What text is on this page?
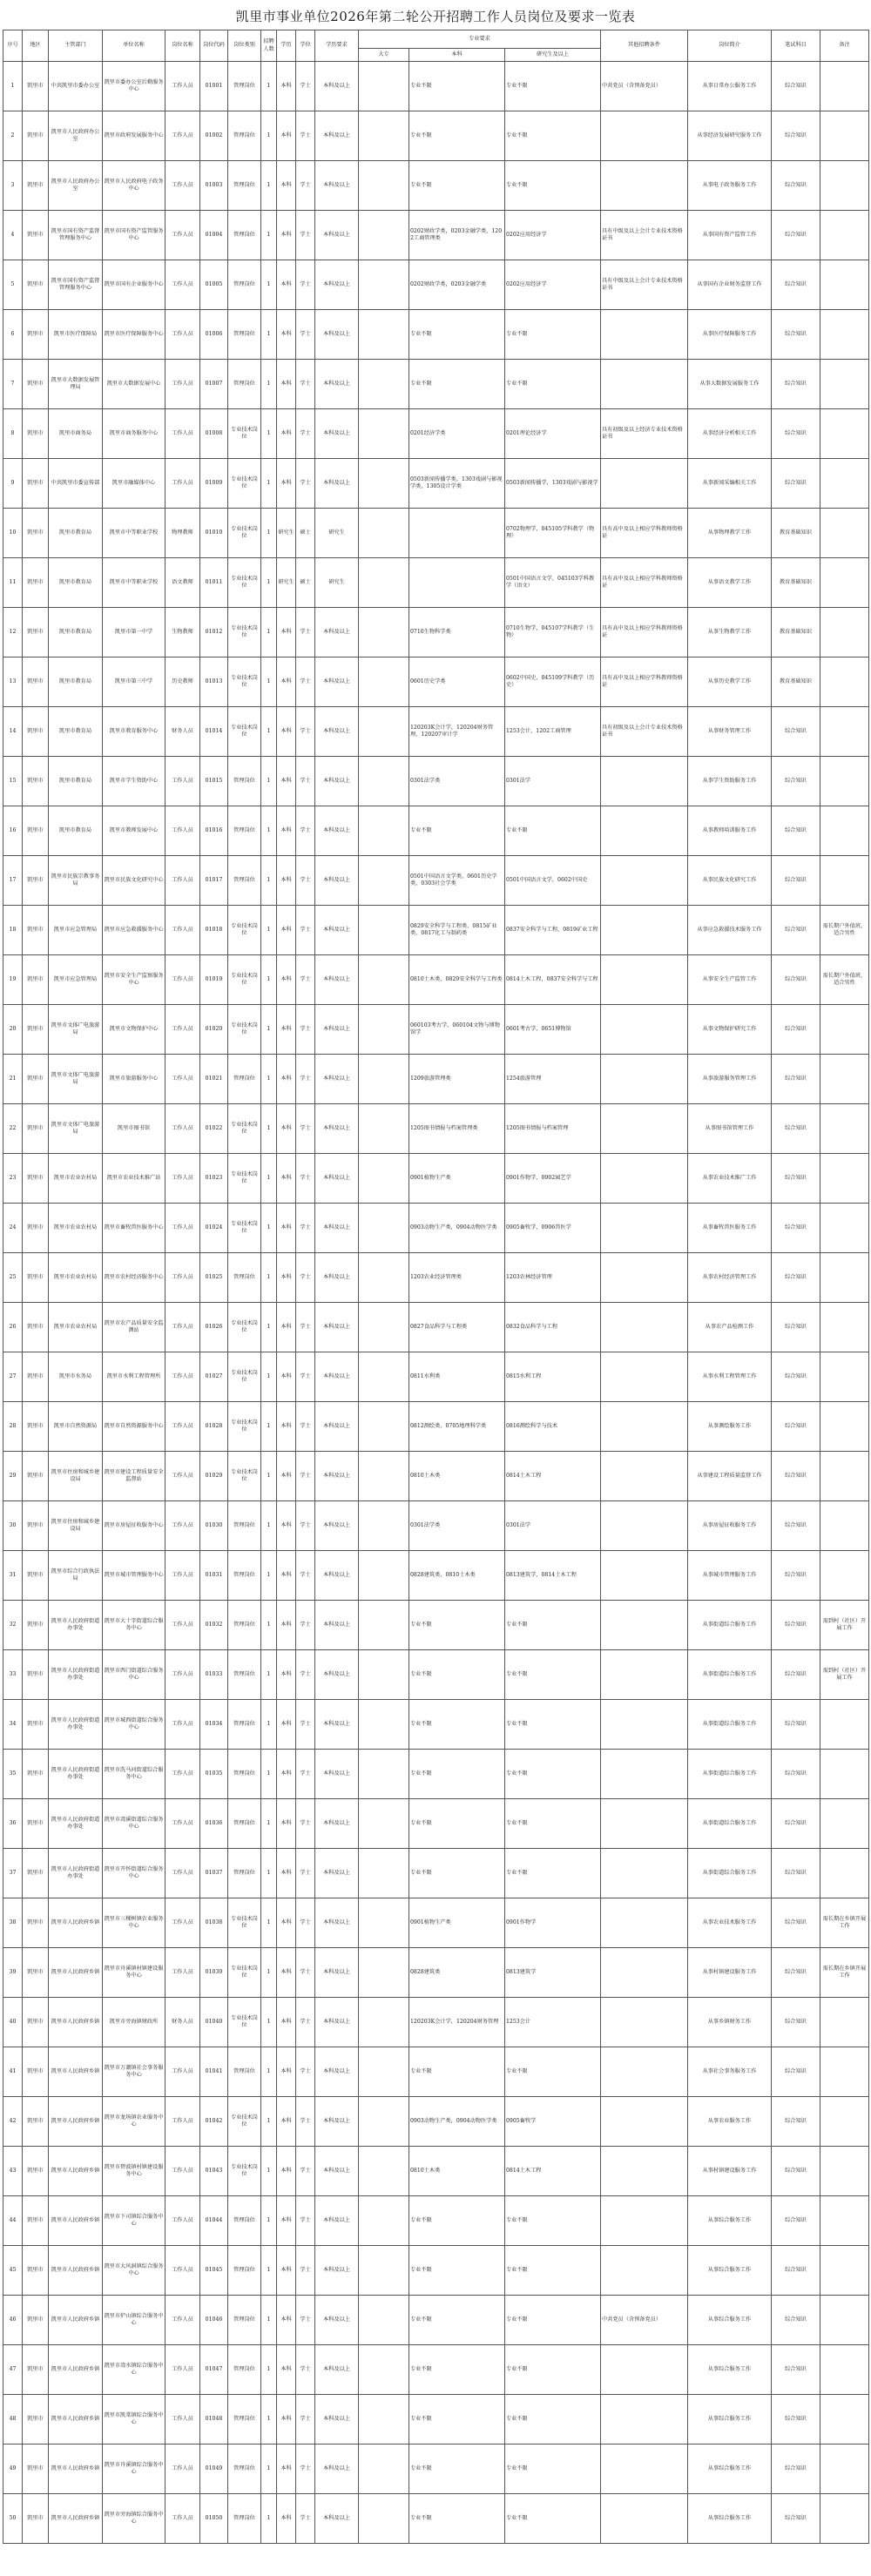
凯里市事业单位2026年第二轮公开招聘工作人员岗位及要求一览表
序号	地区	主管部门	单位名称	岗位名称	岗位代码	岗位类别	招聘人数	学历	学位	学历要求	专业要求			其他招聘条件	岗位简介	笔试科目	备注
											大专	本科	研究生及以上				

1	凯里市	中共凯里市委办公室	凯里市委办公室后勤服务中心	工作人员	01001	管理岗位	1	本科	学士	本科及以上		专业不限	专业不限	中共党员（含预备党员）	从事日常办公服务工作	综合知识	
2	凯里市	凯里市人民政府办公室	凯里市政府发展服务中心	工作人员	01002	管理岗位	1	本科	学士	本科及以上		专业不限	专业不限		从事经济发展研究服务工作	综合知识	
3	凯里市	凯里市人民政府办公室	凯里市人民政府电子政务中心	工作人员	01003	管理岗位	1	本科	学士	本科及以上		专业不限	专业不限		从事电子政务服务工作	综合知识	
4	凯里市	凯里市国有资产监督管理服务中心	凯里市国有资产监管服务中心	工作人员	01004	管理岗位	1	本科	学士	本科及以上		0202财政学类，0203金融学类，1202工商管理类	0202应用经济学	具有中级及以上会计专业技术资格证书	从事国有资产监管工作	综合知识	
5	凯里市	凯里市国有资产监督管理服务中心	凯里市国有企业服务中心	工作人员	01005	管理岗位	1	本科	学士	本科及以上		0202财政学类，0203金融学类	0202应用经济学	具有中级及以上会计专业技术资格证书	从事国有企业财务监督工作	综合知识	
6	凯里市	凯里市医疗保障局	凯里市医疗保障服务中心	工作人员	01006	管理岗位	1	本科	学士	本科及以上		专业不限	专业不限		从事医疗保障服务工作	综合知识	
7	凯里市	凯里市大数据发展管理局	凯里市大数据发展中心	工作人员	01007	管理岗位	1	本科	学士	本科及以上		专业不限	专业不限		从事大数据发展服务工作	综合知识	
8	凯里市	凯里市商务局	凯里市商务服务中心	工作人员	01008	专业技术岗位	1	本科	学士	本科及以上		0201经济学类	0201理论经济学	具有初级及以上经济专业技术资格证书	从事经济分析相关工作	综合知识	
9	凯里市	中共凯里市委宣传部	凯里市融媒体中心	工作人员	01009	专业技术岗位	1	本科	学士	本科及以上		0503新闻传播学类，1303戏剧与影视学类，1305设计学类	0503新闻传播学，1303戏剧与影视学		从事新闻采编相关工作	综合知识	
10	凯里市	凯里市教育局	凯里市中等职业学校	物理教师	01010	专业技术岗位	1	研究生	硕士	研究生			0702物理学，045105学科教学（物理）	具有高中及以上相应学科教师资格证	从事物理教学工作	教育基础知识	
11	凯里市	凯里市教育局	凯里市中等职业学校	语文教师	01011	专业技术岗位	1	研究生	硕士	研究生			0501中国语言文学，045103学科教学（语文）	具有高中及以上相应学科教师资格证	从事语文教学工作	教育基础知识	
12	凯里市	凯里市教育局	凯里市第一中学	生物教师	01012	专业技术岗位	1	本科	学士	本科及以上		0710生物科学类	0710生物学，045107学科教学（生物）	具有高中及以上相应学科教师资格证	从事生物教学工作	教育基础知识	
13	凯里市	凯里市教育局	凯里市第三中学	历史教师	01013	专业技术岗位	1	本科	学士	本科及以上		0601历史学类	0602中国史，045109学科教学（历史）	具有高中及以上相应学科教师资格证	从事历史教学工作	教育基础知识	
14	凯里市	凯里市教育局	凯里市教育服务中心	财务人员	01014	专业技术岗位	1	本科	学士	本科及以上		120203K会计学，120204财务管理，120207审计学	1253会计，1202工商管理	具有初级及以上会计专业技术资格证书	从事财务管理工作	综合知识	
15	凯里市	凯里市教育局	凯里市学生资助中心	工作人员	01015	管理岗位	1	本科	学士	本科及以上		0301法学类	0301法学		从事学生资助服务工作	综合知识	
16	凯里市	凯里市教育局	凯里市教师发展中心	工作人员	01016	管理岗位	1	本科	学士	本科及以上		专业不限	专业不限		从事教师培训服务工作	综合知识	
17	凯里市	凯里市民族宗教事务局	凯里市民族文化研究中心	工作人员	01017	管理岗位	1	本科	学士	本科及以上		0501中国语言文学类，0601历史学类，0303社会学类	0501中国语言文学，0602中国史		从事民族文化研究工作	综合知识	
18	凯里市	凯里市应急管理局	凯里市应急救援服务中心	工作人员	01018	专业技术岗位	1	本科	学士	本科及以上		0829安全科学与工程类，0815矿业类，0817化工与制药类	0837安全科学与工程，0819矿业工程		从事应急救援技术服务工作	综合知识	需长期户外值班，适合男性
19	凯里市	凯里市应急管理局	凯里市安全生产监察服务中心	工作人员	01019	专业技术岗位	1	本科	学士	本科及以上		0810土木类，0829安全科学与工程类	0814土木工程，0837安全科学与工程		从事安全生产监管工作	综合知识	需长期户外值班，适合男性
20	凯里市	凯里市文体广电旅游局	凯里市文物保护中心	工作人员	01020	专业技术岗位	1	本科	学士	本科及以上		060103考古学，060104文物与博物馆学	0601考古学，0651博物馆		从事文物保护研究工作	综合知识	
21	凯里市	凯里市文体广电旅游局	凯里市旅游服务中心	工作人员	01021	管理岗位	1	本科	学士	本科及以上		1209旅游管理类	1254旅游管理		从事旅游服务管理工作	综合知识	
22	凯里市	凯里市文体广电旅游局	凯里市图书馆	工作人员	01022	专业技术岗位	1	本科	学士	本科及以上		1205图书情报与档案管理类	1205图书情报与档案管理		从事图书馆管理工作	综合知识	
23	凯里市	凯里市农业农村局	凯里市农业技术推广站	工作人员	01023	专业技术岗位	1	本科	学士	本科及以上		0901植物生产类	0901作物学，0902园艺学		从事农业技术推广工作	综合知识	
24	凯里市	凯里市农业农村局	凯里市畜牧兽医服务中心	工作人员	01024	专业技术岗位	1	本科	学士	本科及以上		0903动物生产类，0904动物医学类	0905畜牧学，0906兽医学		从事畜牧兽医服务工作	综合知识	
25	凯里市	凯里市农业农村局	凯里市农村经济服务中心	工作人员	01025	管理岗位	1	本科	学士	本科及以上		1203农业经济管理类	1203农林经济管理		从事农村经济管理工作	综合知识	
26	凯里市	凯里市农业农村局	凯里市农产品质量安全监测站	工作人员	01026	专业技术岗位	1	本科	学士	本科及以上		0827食品科学与工程类	0832食品科学与工程		从事农产品检测工作	综合知识	
27	凯里市	凯里市水务局	凯里市水利工程管理所	工作人员	01027	专业技术岗位	1	本科	学士	本科及以上		0811水利类	0815水利工程		从事水利工程管理工作	综合知识	
28	凯里市	凯里市自然资源局	凯里市自然资源服务中心	工作人员	01028	专业技术岗位	1	本科	学士	本科及以上		0812测绘类，0705地理科学类	0816测绘科学与技术		从事测绘服务工作	综合知识	
29	凯里市	凯里市住房和城乡建设局	凯里市建设工程质量安全监督站	工作人员	01029	专业技术岗位	1	本科	学士	本科及以上		0810土木类	0814土木工程		从事建设工程质量监督工作	综合知识	
30	凯里市	凯里市住房和城乡建设局	凯里市房屋征收服务中心	工作人员	01030	管理岗位	1	本科	学士	本科及以上		0301法学类	0301法学		从事房屋征收服务工作	综合知识	
31	凯里市	凯里市综合行政执法局	凯里市城市管理服务中心	工作人员	01031	管理岗位	1	本科	学士	本科及以上		0828建筑类，0810土木类	0813建筑学，0814土木工程		从事城市管理服务工作	综合知识	
32	凯里市	凯里市人民政府街道办事处	凯里市大十字街道综合服务中心	工作人员	01032	管理岗位	1	本科	学士	本科及以上		专业不限	专业不限		从事街道综合服务工作	综合知识	需到村（社区）开展工作
33	凯里市	凯里市人民政府街道办事处	凯里市西门街道综合服务中心	工作人员	01033	管理岗位	1	本科	学士	本科及以上		专业不限	专业不限		从事街道综合服务工作	综合知识	需到村（社区）开展工作
34	凯里市	凯里市人民政府街道办事处	凯里市城西街道综合服务中心	工作人员	01034	管理岗位	1	本科	学士	本科及以上		专业不限	专业不限		从事街道综合服务工作	综合知识	
35	凯里市	凯里市人民政府街道办事处	凯里市洗马河街道综合服务中心	工作人员	01035	管理岗位	1	本科	学士	本科及以上		专业不限	专业不限		从事街道综合服务工作	综合知识	
36	凯里市	凯里市人民政府街道办事处	凯里市湾溪街道综合服务中心	工作人员	01036	管理岗位	1	本科	学士	本科及以上		专业不限	专业不限		从事街道综合服务工作	综合知识	
37	凯里市	凯里市人民政府街道办事处	凯里市开怀街道综合服务中心	工作人员	01037	管理岗位	1	本科	学士	本科及以上		专业不限	专业不限		从事街道综合服务工作	综合知识	
38	凯里市	凯里市人民政府乡镇	凯里市三棵树镇农业服务中心	工作人员	01038	专业技术岗位	1	本科	学士	本科及以上		0901植物生产类	0901作物学		从事农业技术服务工作	综合知识	需长期在乡镇开展工作
39	凯里市	凯里市人民政府乡镇	凯里市舟溪镇村镇建设服务中心	工作人员	01039	专业技术岗位	1	本科	学士	本科及以上		0828建筑类	0813建筑学		从事村镇建设服务工作	综合知识	需长期在乡镇开展工作
40	凯里市	凯里市人民政府乡镇	凯里市旁海镇财政所	财务人员	01040	专业技术岗位	1	本科	学士	本科及以上		120203K会计学，120204财务管理	1253会计		从事乡镇财务工作	综合知识	
41	凯里市	凯里市人民政府乡镇	凯里市万潮镇社会事务服务中心	工作人员	01041	管理岗位	1	本科	学士	本科及以上		专业不限	专业不限		从事社会事务服务工作	综合知识	
42	凯里市	凯里市人民政府乡镇	凯里市龙场镇农业服务中心	工作人员	01042	专业技术岗位	1	本科	学士	本科及以上		0903动物生产类，0904动物医学类	0905畜牧学		从事农业服务工作	综合知识	
43	凯里市	凯里市人民政府乡镇	凯里市碧波镇村镇建设服务中心	工作人员	01043	专业技术岗位	1	本科	学士	本科及以上		0810土木类	0814土木工程		从事村镇建设服务工作	综合知识	
44	凯里市	凯里市人民政府乡镇	凯里市下司镇综合服务中心	工作人员	01044	管理岗位	1	本科	学士	本科及以上		专业不限	专业不限		从事综合服务工作	综合知识	
45	凯里市	凯里市人民政府乡镇	凯里市大风洞镇综合服务中心	工作人员	01045	管理岗位	1	本科	学士	本科及以上		专业不限	专业不限		从事综合服务工作	综合知识	
46	凯里市	凯里市人民政府乡镇	凯里市炉山镇综合服务中心	工作人员	01046	管理岗位	1	本科	学士	本科及以上		专业不限	专业不限	中共党员（含预备党员）	从事综合服务工作	综合知识	
47	凯里市	凯里市人民政府乡镇	凯里市湾水镇综合服务中心	工作人员	01047	管理岗位	1	本科	学士	本科及以上		专业不限	专业不限		从事综合服务工作	综合知识	
48	凯里市	凯里市人民政府乡镇	凯里市凯棠镇综合服务中心	工作人员	01048	管理岗位	1	本科	学士	本科及以上		专业不限	专业不限		从事综合服务工作	综合知识	
49	凯里市	凯里市人民政府乡镇	凯里市舟溪镇综合服务中心	工作人员	01049	管理岗位	1	本科	学士	本科及以上		专业不限	专业不限		从事综合服务工作	综合知识	
50	凯里市	凯里市人民政府乡镇	凯里市旁海镇综合服务中心	工作人员	01050	管理岗位	1	本科	学士	本科及以上		专业不限	专业不限		从事综合服务工作	综合知识	
